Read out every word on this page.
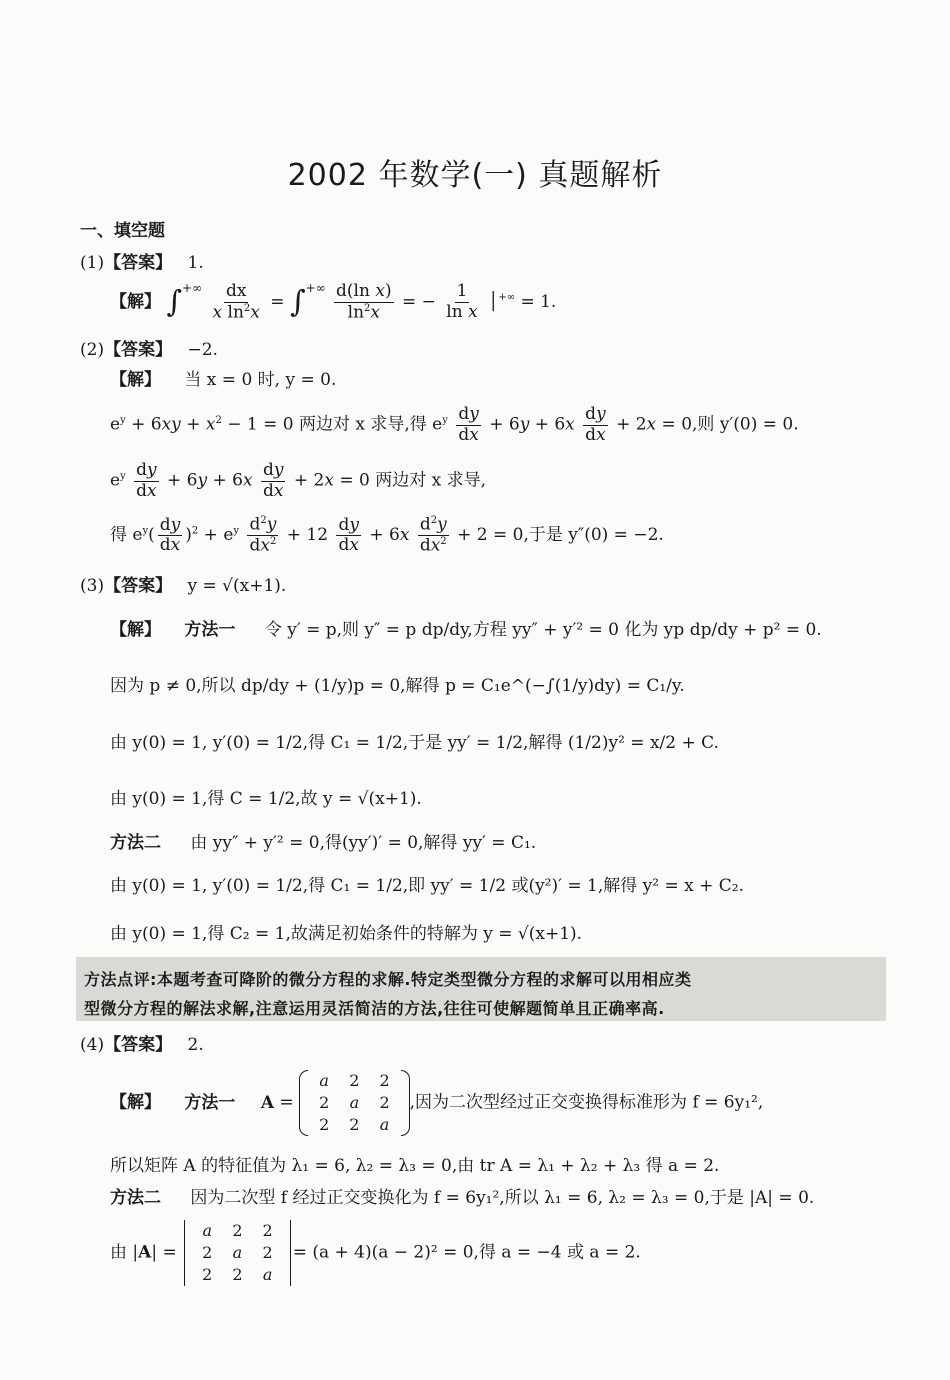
2002 年数学(一) 真题解析
一、填空题
(1)【答案】 1.
【解】 $\int^{+\infty} \frac{dx}{x \ln^2x} = \int^{+\infty} \frac{\text{d(ln x)}}{\ln^2x}$ = − $\frac{1}{\text{ln x}}$ │+∞ = 1.
(2)【答案】 −2.
【解】 当 x = 0 时, y = 0.
$e^y + 6xy + x^2 - 1 = 0$ 两边对 x 求导,得 $e^y \frac{dy}{dx} + 6y + 6x \frac{dy}{dx} + 2x = 0$,则 y′(0) = 0.
$e^y \frac{dy}{dx} + 6y + 6x \frac{dy}{dx} + 2x = 0$ 两边对 x 求导,
得 $e^y( \frac{dy}{dx} )^2 + e^y \frac{d^2y}{dx^2} + 12 \frac{dy}{dx} + 6x \frac{d^2y}{dx^2} + 2 = 0$,于是 y″(0) = −2.
(3)【答案】 y = √(x+1).
【解】 方法一 令 y′ = p,则 y″ = p dp/dy,方程 yy″ + y′² = 0 化为 yp dp/dy + p² = 0.
因为 p ≠ 0,所以 dp/dy + (1/y)p = 0,解得 p = C₁e^(−∫(1/y)dy) = C₁/y.
由 y(0) = 1, y′(0) = 1/2,得 C₁ = 1/2,于是 yy′ = 1/2,解得 (1/2)y² = x/2 + C.
由 y(0) = 1,得 C = 1/2,故 y = √(x+1).
方法二 由 yy″ + y′² = 0,得(yy′)′ = 0,解得 yy′ = C₁.
由 y(0) = 1, y′(0) = 1/2,得 C₁ = 1/2,即 yy′ = 1/2 或(y²)′ = 1,解得 y² = x + C₂.
由 y(0) = 1,得 C₂ = 1,故满足初始条件的特解为 y = √(x+1).
方法点评:本题考查可降阶的微分方程的求解.特定类型微分方程的求解可以用相应类
型微分方程的解法求解,注意运用灵活简洁的方法,往往可使解题简单且正确率高.
(4)【答案】 2.
【解】 方法一 A =
a	2	2
2	a	2
2	2	a
,因为二次型经过正交变换得标准形为 f = 6y₁²,
所以矩阵 A 的特征值为 λ₁ = 6, λ₂ = λ₃ = 0,由 tr A = λ₁ + λ₂ + λ₃ 得 a = 2.
方法二 因为二次型 f 经过正交变换化为 f = 6y₁²,所以 λ₁ = 6, λ₂ = λ₃ = 0,于是 |A| = 0.
由 |A| =
a	2	2
2	a	2
2	2	a
= (a + 4)(a − 2)² = 0,得 a = −4 或 a = 2.
